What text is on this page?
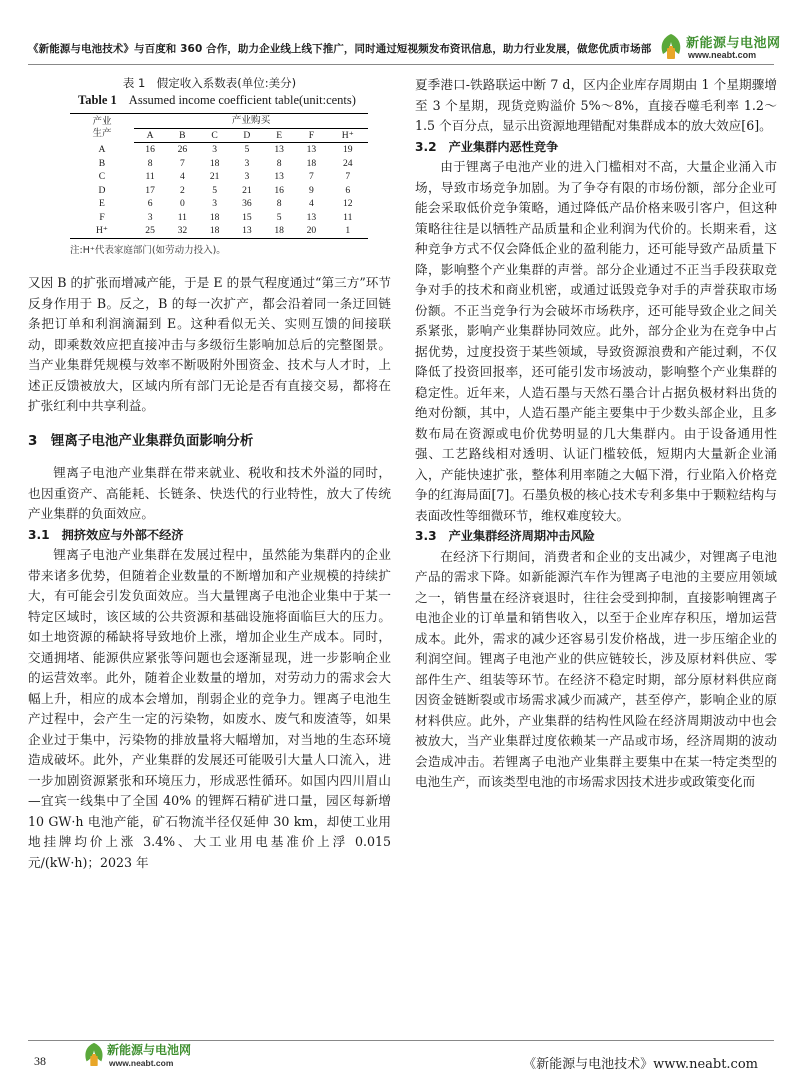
《新能源与电池技术》与百度和 360 合作，助力企业线上线下推广，同时通过短视频发布资讯信息，助力行业发展，做您优质市场部	新能源与电池网
www.neabt.com
表 1　假定收入系数表(单位:美分)
Table 1 Assumed income coefficient table(unit:cents)
产业
生产	产业购买						
	A	B	C	D	E	F	H⁺
A	16	26	3	5	13	13	19
B	8	7	18	3	8	18	24
C	11	4	21	3	13	7	7
D	17	2	5	21	16	9	6
E	6	0	3	36	8	4	12
F	3	11	18	15	5	13	11
H⁺	25	32	18	13	18	20	1
注:H⁺代表家庭部门(如劳动力投入)。

又因 B 的扩张而增减产能，于是 E 的景气程度通过“第三方”环节反身作用于 B。反之，B 的每一次扩产，都会沿着同一条迂回链条把订单和利润滴漏到 E。这种看似无关、实则互馈的间接联动，即乘数效应把直接冲击与多级衍生影响加总后的完整图景。当产业集群凭规模与效率不断吸附外围资金、技术与人才时，上述正反馈被放大，区域内所有部门无论是否有直接交易，都将在扩张红利中共享利益。

3　锂离子电池产业集群负面影响分析

锂离子电池产业集群在带来就业、税收和技术外溢的同时，也因重资产、高能耗、长链条、快迭代的行业特性，放大了传统产业集群的负面效应。

3.1 拥挤效应与外部不经济

锂离子电池产业集群在发展过程中，虽然能为集群内的企业带来诸多优势，但随着企业数量的不断增加和产业规模的持续扩大，有可能会引发负面效应。当大量锂离子电池企业集中于某一特定区域时，该区域的公共资源和基础设施将面临巨大的压力。如土地资源的稀缺将导致地价上涨，增加企业生产成本。同时，交通拥堵、能源供应紧张等问题也会逐渐显现，进一步影响企业的运营效率。此外，随着企业数量的增加，对劳动力的需求会大幅上升，相应的成本会增加，削弱企业的竞争力。锂离子电池生产过程中，会产生一定的污染物，如废水、废气和废渣等，如果企业过于集中，污染物的排放量将大幅增加，对当地的生态环境造成破坏。此外，产业集群的发展还可能吸引大量人口流入，进一步加剧资源紧张和环境压力，形成恶性循环。如国内四川眉山—宜宾一线集中了全国 40% 的锂辉石精矿进口量，园区每新增 10 GW·h 电池产能，矿石物流半径仅延伸 30 km，却使工业用地挂牌均价上涨 3.4%、大工业用电基准价上浮 0.015 元/(kW·h)；2023 年

夏季港口-铁路联运中断 7 d，区内企业库存周期由 1 个星期骤增至 3 个星期，现货竞购溢价 5%～8%，直接吞噬毛利率 1.2～1.5 个百分点，显示出资源地理错配对集群成本的放大效应[6]。

3.2 产业集群内恶性竞争

由于锂离子电池产业的进入门槛相对不高，大量企业涌入市场，导致市场竞争加剧。为了争夺有限的市场份额，部分企业可能会采取低价竞争策略，通过降低产品价格来吸引客户，但这种策略往往是以牺牲产品质量和企业利润为代价的。长期来看，这种竞争方式不仅会降低企业的盈利能力，还可能导致产品质量下降，影响整个产业集群的声誉。部分企业通过不正当手段获取竞争对手的技术和商业机密，或通过诋毁竞争对手的声誉获取市场份额。不正当竞争行为会破坏市场秩序，还可能导致企业之间关系紧张，影响产业集群协同效应。此外，部分企业为在竞争中占据优势，过度投资于某些领域，导致资源浪费和产能过剩，不仅降低了投资回报率，还可能引发市场波动，影响整个产业集群的稳定性。近年来，人造石墨与天然石墨合计占据负极材料出货的绝对份额，其中，人造石墨产能主要集中于少数头部企业，且多数布局在资源或电价优势明显的几大集群内。由于设备通用性强、工艺路线相对透明、认证门槛较低，短期内大量新企业涌入，产能快速扩张，整体利用率随之大幅下滑，行业陷入价格竞争的红海局面[7]。石墨负极的核心技术专利多集中于颗粒结构与表面改性等细微环节，维权难度较大。

3.3 产业集群经济周期冲击风险

在经济下行期间，消费者和企业的支出减少，对锂离子电池产品的需求下降。如新能源汽车作为锂离子电池的主要应用领域之一，销售量在经济衰退时，往往会受到抑制，直接影响锂离子电池企业的订单量和销售收入，以至于企业库存积压，增加运营成本。此外，需求的减少还容易引发价格战，进一步压缩企业的利润空间。锂离子电池产业的供应链较长，涉及原材料供应、零部件生产、组装等环节。在经济不稳定时期，部分原材料供应商因资金链断裂或市场需求减少而减产，甚至停产，影响企业的原材料供应。此外，产业集群的结构性风险在经济周期波动中也会被放大，当产业集群过度依赖某一产品或市场，经济周期的波动会造成冲击。若锂离子电池产业集群主要集中在某一特定类型的电池生产，而该类型电池的市场需求因技术进步或政策变化而

38
新能源与电池网
www.neabt.com	《新能源与电池技术》www.neabt.com
